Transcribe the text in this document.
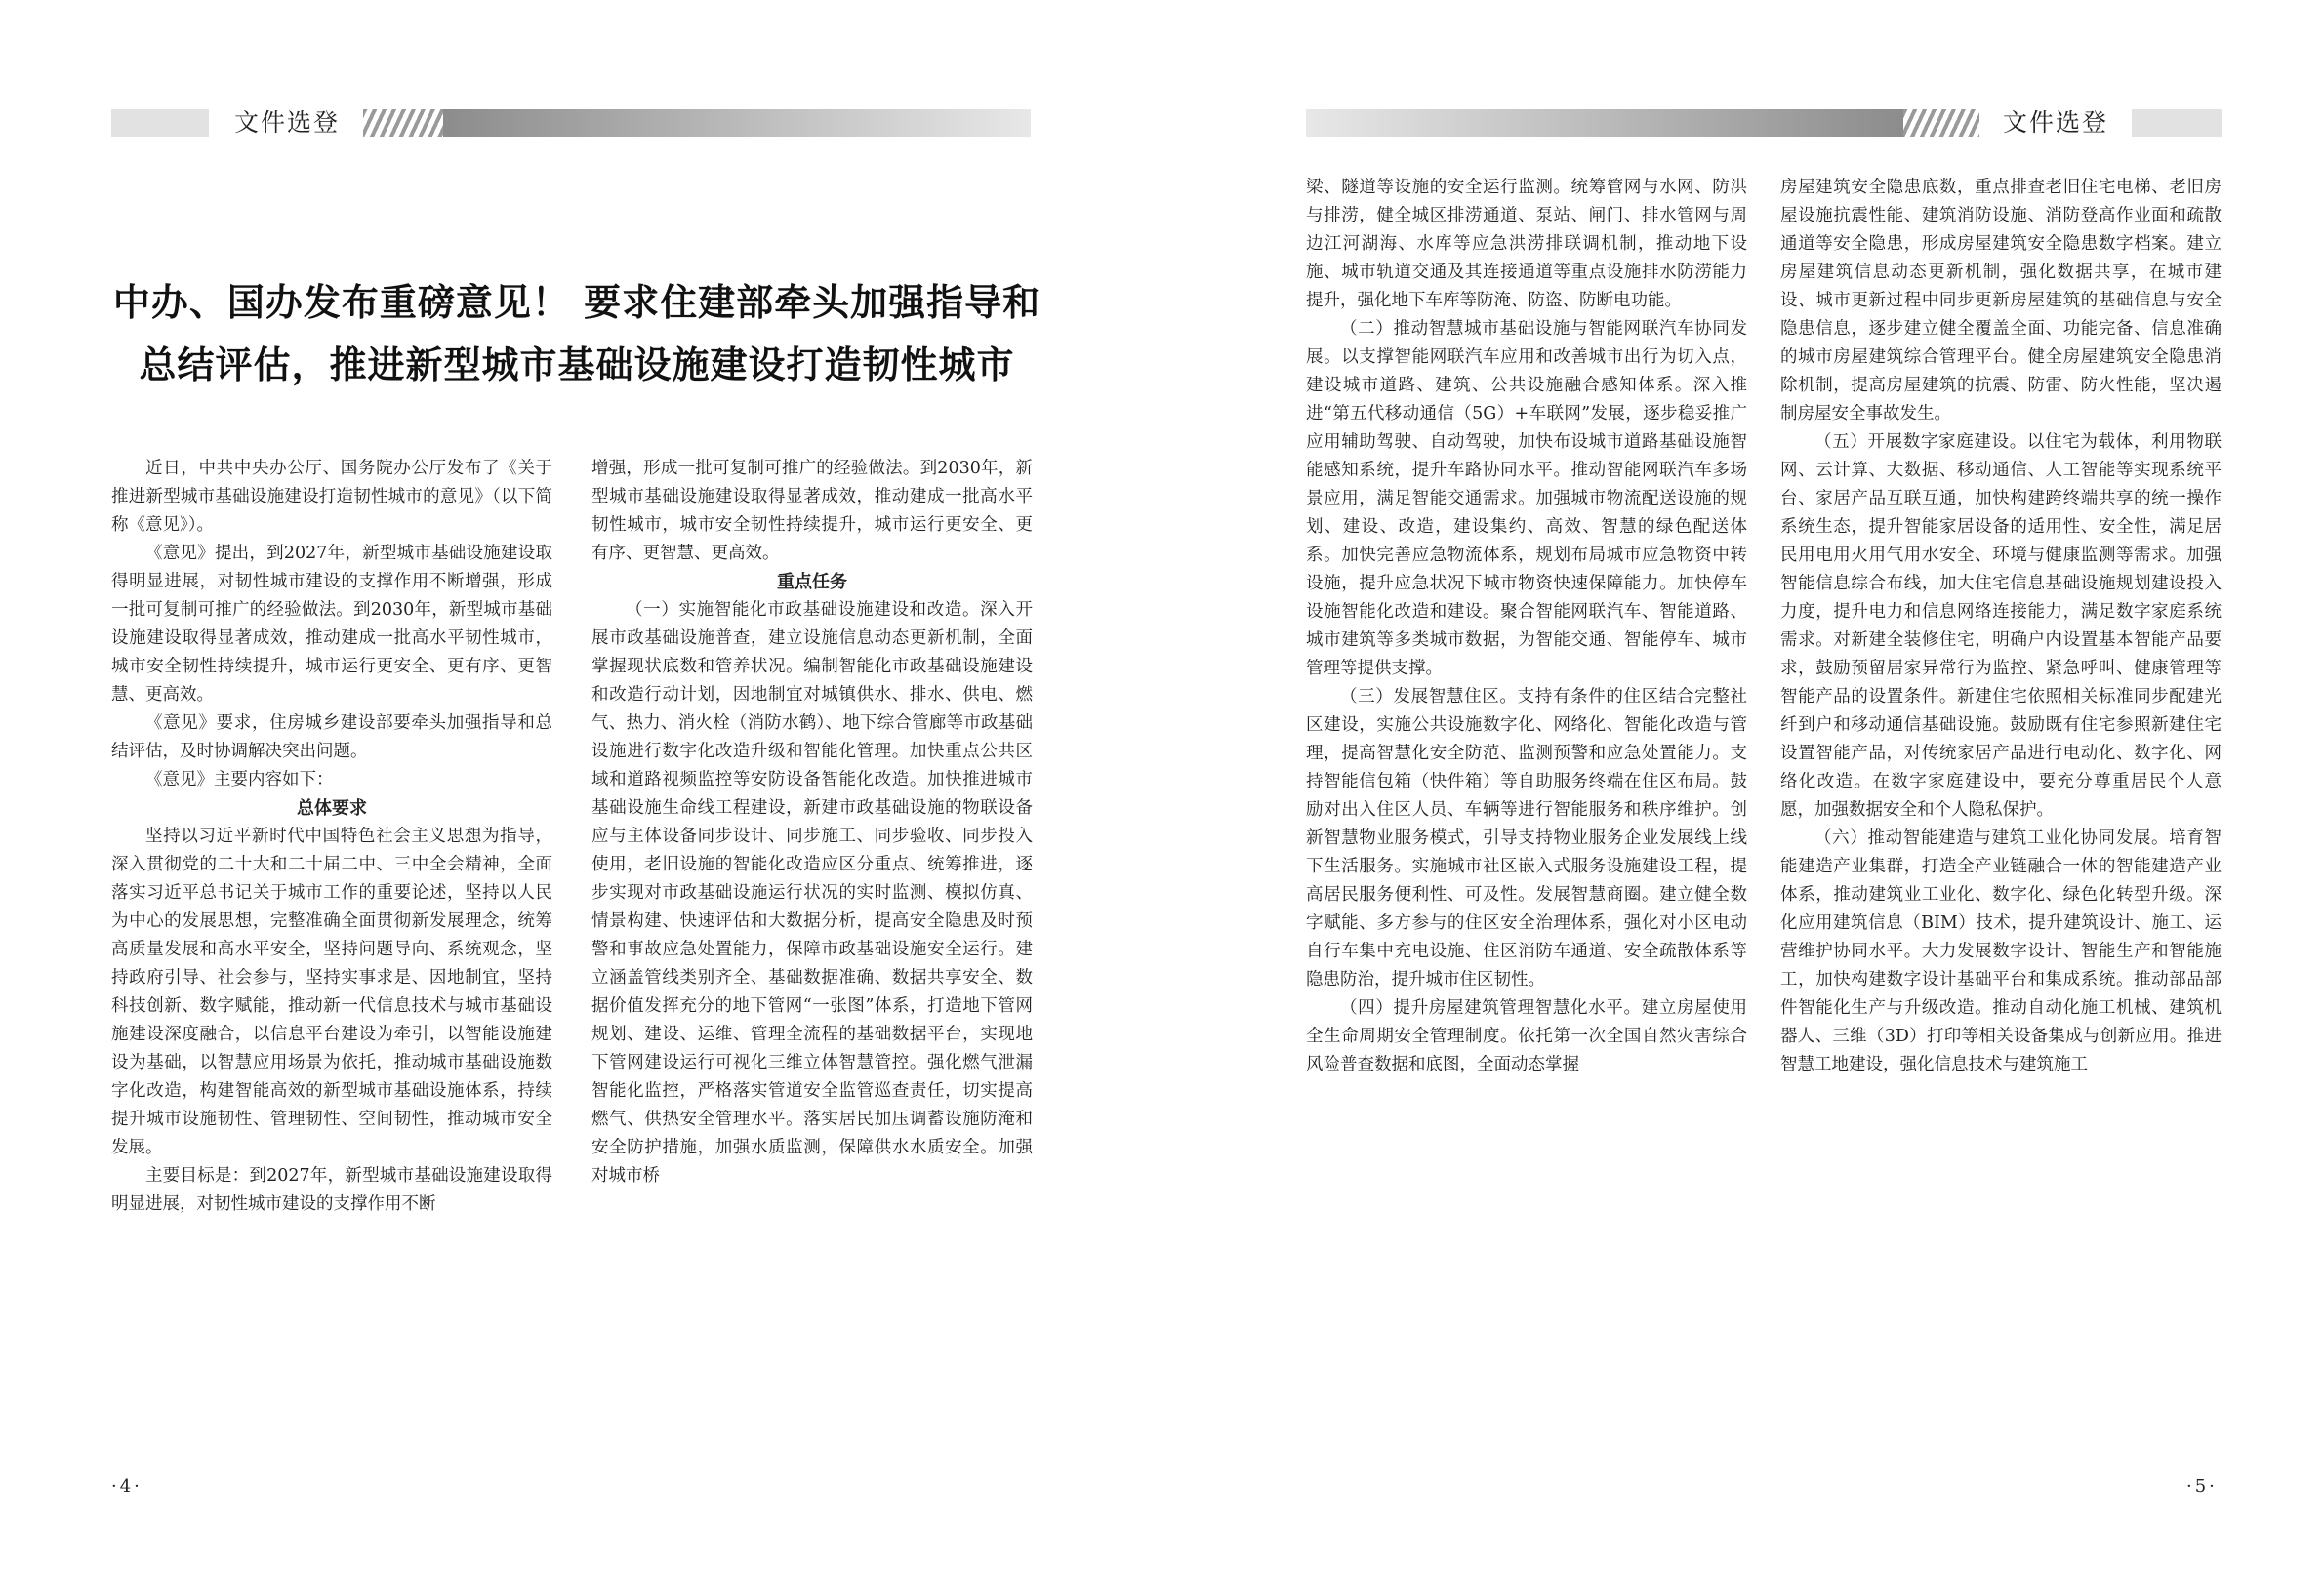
文件选登
中办、国办发布重磅意见！ 要求住建部牵头加强指导和
总结评估，推进新型城市基础设施建设打造韧性城市

近日，中共中央办公厅、国务院办公厅发布了《关于推进新型城市基础设施建设打造韧性城市的意见》（以下简称《意见》）。

《意见》提出，到2027年，新型城市基础设施建设取得明显进展，对韧性城市建设的支撑作用不断增强，形成一批可复制可推广的经验做法。到2030年，新型城市基础设施建设取得显著成效，推动建成一批高水平韧性城市，城市安全韧性持续提升，城市运行更安全、更有序、更智慧、更高效。

《意见》要求，住房城乡建设部要牵头加强指导和总结评估，及时协调解决突出问题。

《意见》主要内容如下：

总体要求

坚持以习近平新时代中国特色社会主义思想为指导，深入贯彻党的二十大和二十届二中、三中全会精神，全面落实习近平总书记关于城市工作的重要论述，坚持以人民为中心的发展思想，完整准确全面贯彻新发展理念，统筹高质量发展和高水平安全，坚持问题导向、系统观念，坚持政府引导、社会参与，坚持实事求是、因地制宜，坚持科技创新、数字赋能，推动新一代信息技术与城市基础设施建设深度融合，以信息平台建设为牵引，以智能设施建设为基础，以智慧应用场景为依托，推动城市基础设施数字化改造，构建智能高效的新型城市基础设施体系，持续提升城市设施韧性、管理韧性、空间韧性，推动城市安全发展。

主要目标是：到2027年，新型城市基础设施建设取得明显进展，对韧性城市建设的支撑作用不断

增强，形成一批可复制可推广的经验做法。到2030年，新型城市基础设施建设取得显著成效，推动建成一批高水平韧性城市，城市安全韧性持续提升，城市运行更安全、更有序、更智慧、更高效。

重点任务

（一）实施智能化市政基础设施建设和改造。深入开展市政基础设施普查，建立设施信息动态更新机制，全面掌握现状底数和管养状况。编制智能化市政基础设施建设和改造行动计划，因地制宜对城镇供水、排水、供电、燃气、热力、消火栓（消防水鹤）、地下综合管廊等市政基础设施进行数字化改造升级和智能化管理。加快重点公共区域和道路视频监控等安防设备智能化改造。加快推进城市基础设施生命线工程建设，新建市政基础设施的物联设备应与主体设备同步设计、同步施工、同步验收、同步投入使用，老旧设施的智能化改造应区分重点、统筹推进，逐步实现对市政基础设施运行状况的实时监测、模拟仿真、情景构建、快速评估和大数据分析，提高安全隐患及时预警和事故应急处置能力，保障市政基础设施安全运行。建立涵盖管线类别齐全、基础数据准确、数据共享安全、数据价值发挥充分的地下管网“一张图”体系，打造地下管网规划、建设、运维、管理全流程的基础数据平台，实现地下管网建设运行可视化三维立体智慧管控。强化燃气泄漏智能化监控，严格落实管道安全监管巡查责任，切实提高燃气、供热安全管理水平。落实居民加压调蓄设施防淹和安全防护措施，加强水质监测，保障供水水质安全。加强对城市桥

·4·
文件选登

梁、隧道等设施的安全运行监测。统筹管网与水网、防洪与排涝，健全城区排涝通道、泵站、闸门、排水管网与周边江河湖海、水库等应急洪涝排联调机制，推动地下设施、城市轨道交通及其连接通道等重点设施排水防涝能力提升，强化地下车库等防淹、防盗、防断电功能。

（二）推动智慧城市基础设施与智能网联汽车协同发展。以支撑智能网联汽车应用和改善城市出行为切入点，建设城市道路、建筑、公共设施融合感知体系。深入推进“第五代移动通信（5G）+车联网”发展，逐步稳妥推广应用辅助驾驶、自动驾驶，加快布设城市道路基础设施智能感知系统，提升车路协同水平。推动智能网联汽车多场景应用，满足智能交通需求。加强城市物流配送设施的规划、建设、改造，建设集约、高效、智慧的绿色配送体系。加快完善应急物流体系，规划布局城市应急物资中转设施，提升应急状况下城市物资快速保障能力。加快停车设施智能化改造和建设。聚合智能网联汽车、智能道路、城市建筑等多类城市数据，为智能交通、智能停车、城市管理等提供支撑。

（三）发展智慧住区。支持有条件的住区结合完整社区建设，实施公共设施数字化、网络化、智能化改造与管理，提高智慧化安全防范、监测预警和应急处置能力。支持智能信包箱（快件箱）等自助服务终端在住区布局。鼓励对出入住区人员、车辆等进行智能服务和秩序维护。创新智慧物业服务模式，引导支持物业服务企业发展线上线下生活服务。实施城市社区嵌入式服务设施建设工程，提高居民服务便利性、可及性。发展智慧商圈。建立健全数字赋能、多方参与的住区安全治理体系，强化对小区电动自行车集中充电设施、住区消防车通道、安全疏散体系等隐患防治，提升城市住区韧性。

（四）提升房屋建筑管理智慧化水平。建立房屋使用全生命周期安全管理制度。依托第一次全国自然灾害综合风险普查数据和底图，全面动态掌握

房屋建筑安全隐患底数，重点排查老旧住宅电梯、老旧房屋设施抗震性能、建筑消防设施、消防登高作业面和疏散通道等安全隐患，形成房屋建筑安全隐患数字档案。建立房屋建筑信息动态更新机制，强化数据共享，在城市建设、城市更新过程中同步更新房屋建筑的基础信息与安全隐患信息，逐步建立健全覆盖全面、功能完备、信息准确的城市房屋建筑综合管理平台。健全房屋建筑安全隐患消除机制，提高房屋建筑的抗震、防雷、防火性能，坚决遏制房屋安全事故发生。

（五）开展数字家庭建设。以住宅为载体，利用物联网、云计算、大数据、移动通信、人工智能等实现系统平台、家居产品互联互通，加快构建跨终端共享的统一操作系统生态，提升智能家居设备的适用性、安全性，满足居民用电用火用气用水安全、环境与健康监测等需求。加强智能信息综合布线，加大住宅信息基础设施规划建设投入力度，提升电力和信息网络连接能力，满足数字家庭系统需求。对新建全装修住宅，明确户内设置基本智能产品要求，鼓励预留居家异常行为监控、紧急呼叫、健康管理等智能产品的设置条件。新建住宅依照相关标准同步配建光纤到户和移动通信基础设施。鼓励既有住宅参照新建住宅设置智能产品，对传统家居产品进行电动化、数字化、网络化改造。在数字家庭建设中，要充分尊重居民个人意愿，加强数据安全和个人隐私保护。

（六）推动智能建造与建筑工业化协同发展。培育智能建造产业集群，打造全产业链融合一体的智能建造产业体系，推动建筑业工业化、数字化、绿色化转型升级。深化应用建筑信息（BIM）技术，提升建筑设计、施工、运营维护协同水平。大力发展数字设计、智能生产和智能施工，加快构建数字设计基础平台和集成系统。推动部品部件智能化生产与升级改造。推动自动化施工机械、建筑机器人、三维（3D）打印等相关设备集成与创新应用。推进智慧工地建设，强化信息技术与建筑施工

·5·
